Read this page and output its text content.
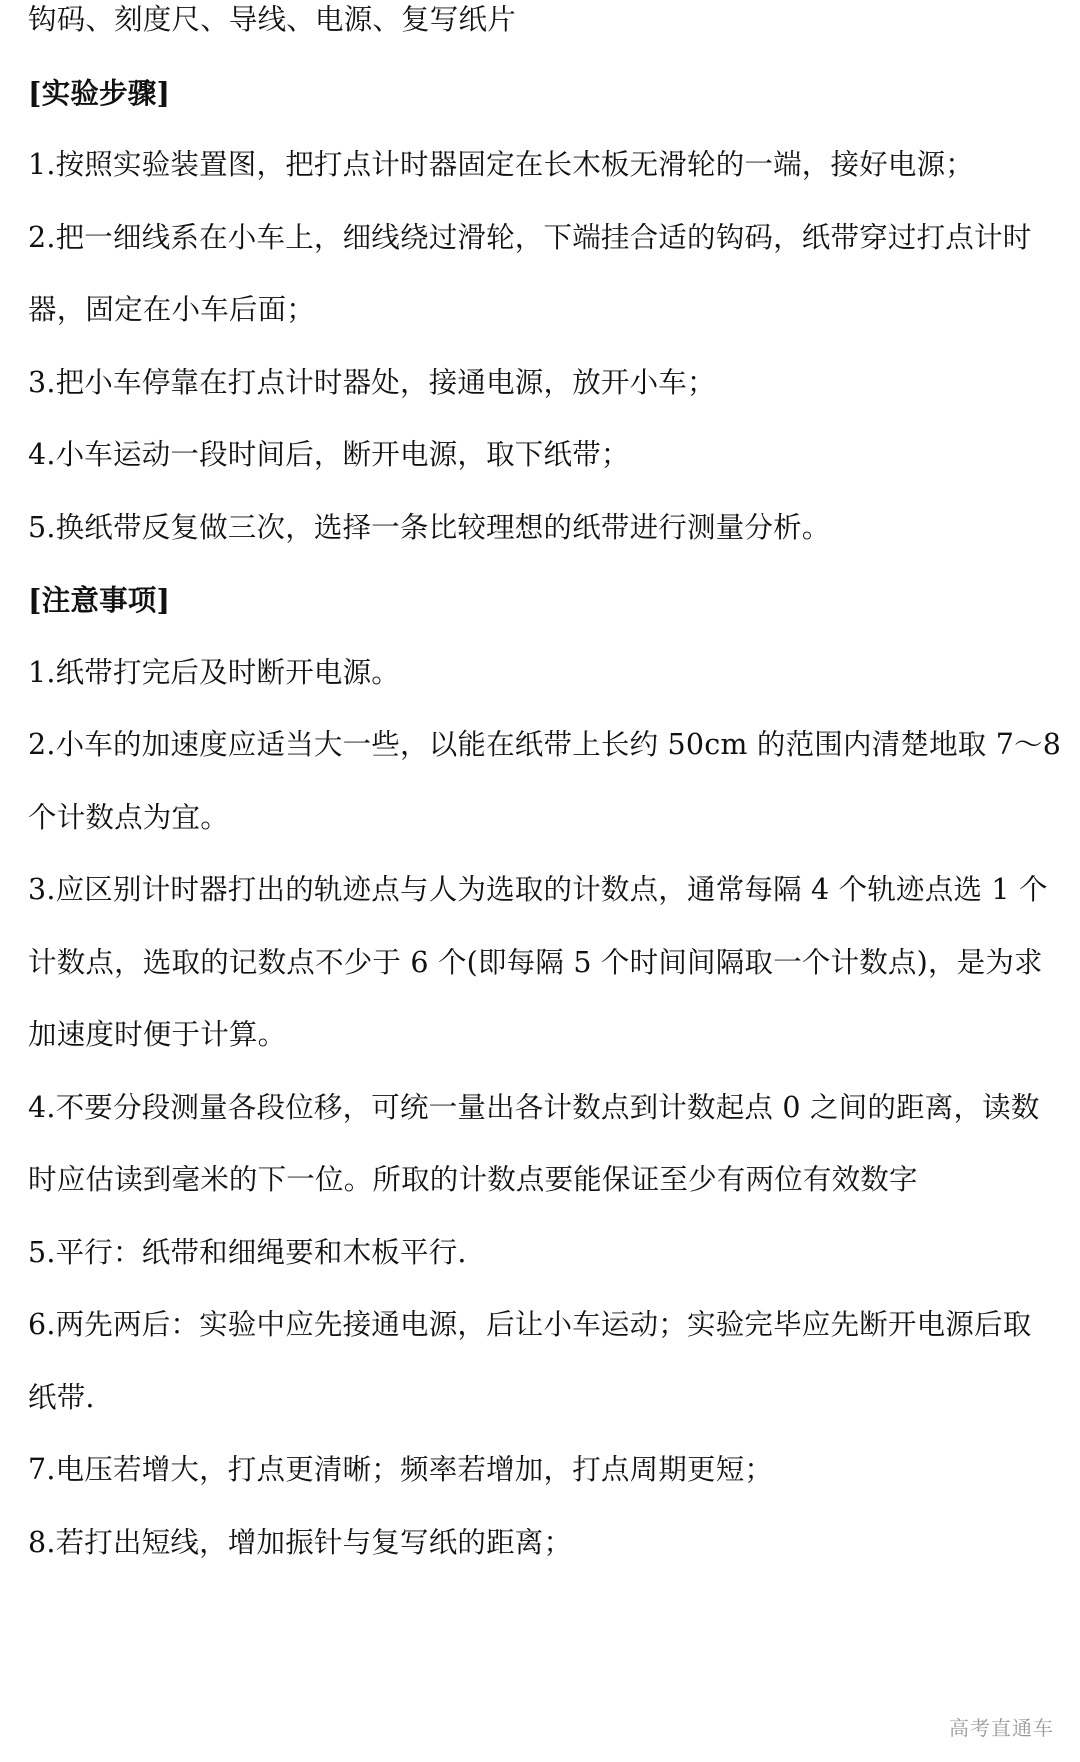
钩码、刻度尺、导线、电源、复写纸片
[实验步骤]
1.按照实验装置图，把打点计时器固定在长木板无滑轮的一端，接好电源；
2.把一细线系在小车上，细线绕过滑轮，下端挂合适的钩码，纸带穿过打点计时
器，固定在小车后面；
3.把小车停靠在打点计时器处，接通电源，放开小车；
4.小车运动一段时间后，断开电源，取下纸带；
5.换纸带反复做三次，选择一条比较理想的纸带进行测量分析。
[注意事项]
1.纸带打完后及时断开电源。
2.小车的加速度应适当大一些，以能在纸带上长约 50cm 的范围内清楚地取 7～8
个计数点为宜。
3.应区别计时器打出的轨迹点与人为选取的计数点，通常每隔 4 个轨迹点选 1 个
计数点，选取的记数点不少于 6 个(即每隔 5 个时间间隔取一个计数点)，是为求
加速度时便于计算。
4.不要分段测量各段位移，可统一量出各计数点到计数起点 0 之间的距离，读数
时应估读到毫米的下一位。所取的计数点要能保证至少有两位有效数字
5.平行：纸带和细绳要和木板平行.
6.两先两后：实验中应先接通电源，后让小车运动；实验完毕应先断开电源后取
纸带.
7.电压若增大，打点更清晰；频率若增加，打点周期更短；
8.若打出短线，增加振针与复写纸的距离；
高考直通车
